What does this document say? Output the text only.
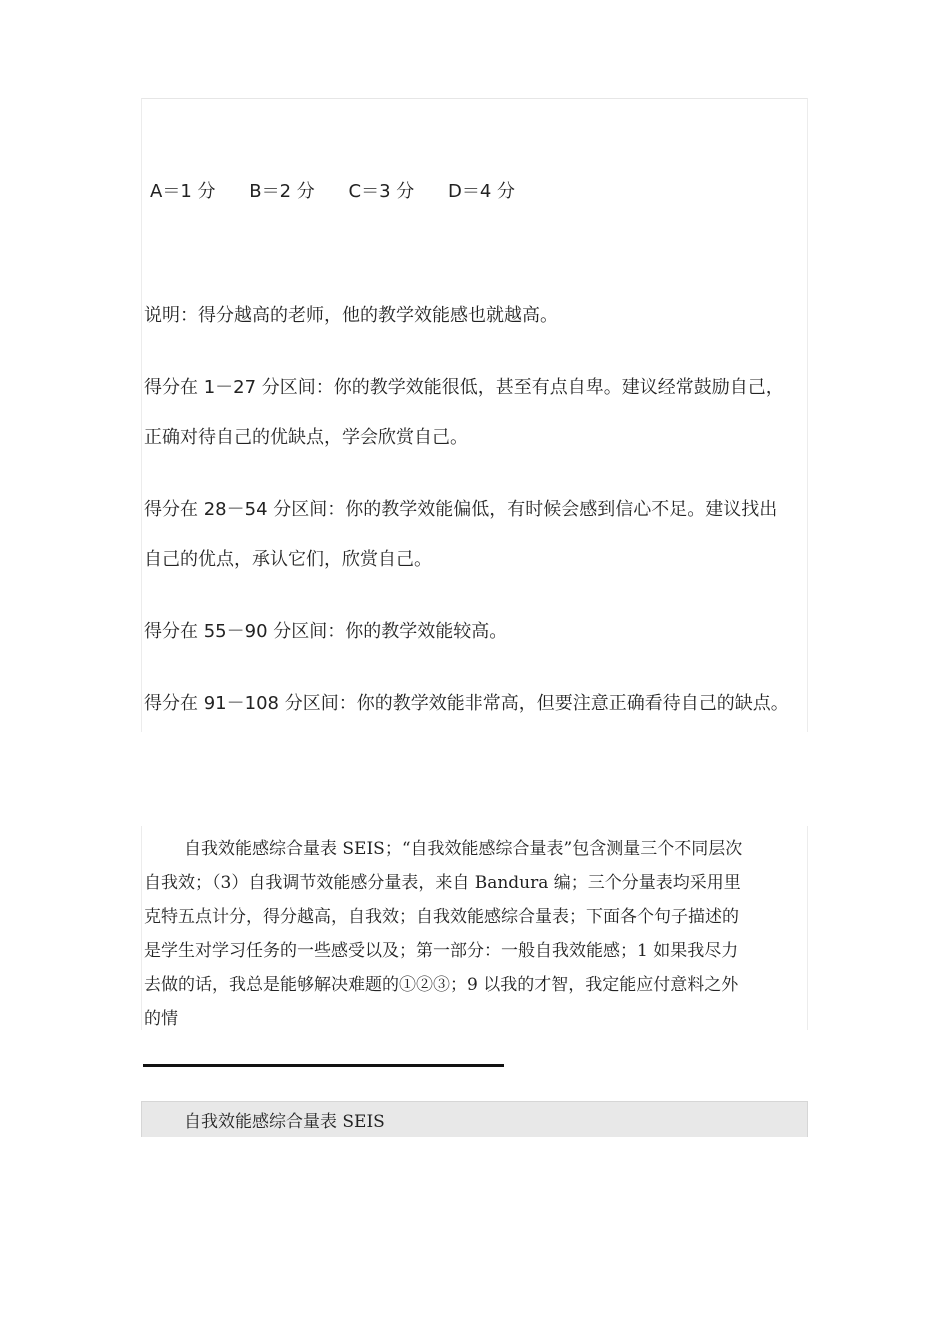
A＝1 分 B＝2 分 C＝3 分 D＝4 分
说明：得分越高的老师，他的教学效能感也就越高。
得分在 1－27 分区间：你的教学效能很低，甚至有点自卑。建议经常鼓励自己，
正确对待自己的优缺点，学会欣赏自己。
得分在 28－54 分区间：你的教学效能偏低，有时候会感到信心不足。建议找出
自己的优点，承认它们，欣赏自己。
得分在 55－90 分区间：你的教学效能较高。
得分在 91－108 分区间：你的教学效能非常高，但要注意正确看待自己的缺点。
自我效能感综合量表 SEIS；“自我效能感综合量表”包含测量三个不同层次
自我效；（3）自我调节效能感分量表，来自 Bandura 编；三个分量表均采用里
克特五点计分，得分越高，自我效；自我效能感综合量表；下面各个句子描述的
是学生对学习任务的一些感受以及；第一部分：一般自我效能感；1 如果我尽力
去做的话，我总是能够解决难题的①②③；9 以我的才智，我定能应付意料之外
的情
自我效能感综合量表 SEIS
